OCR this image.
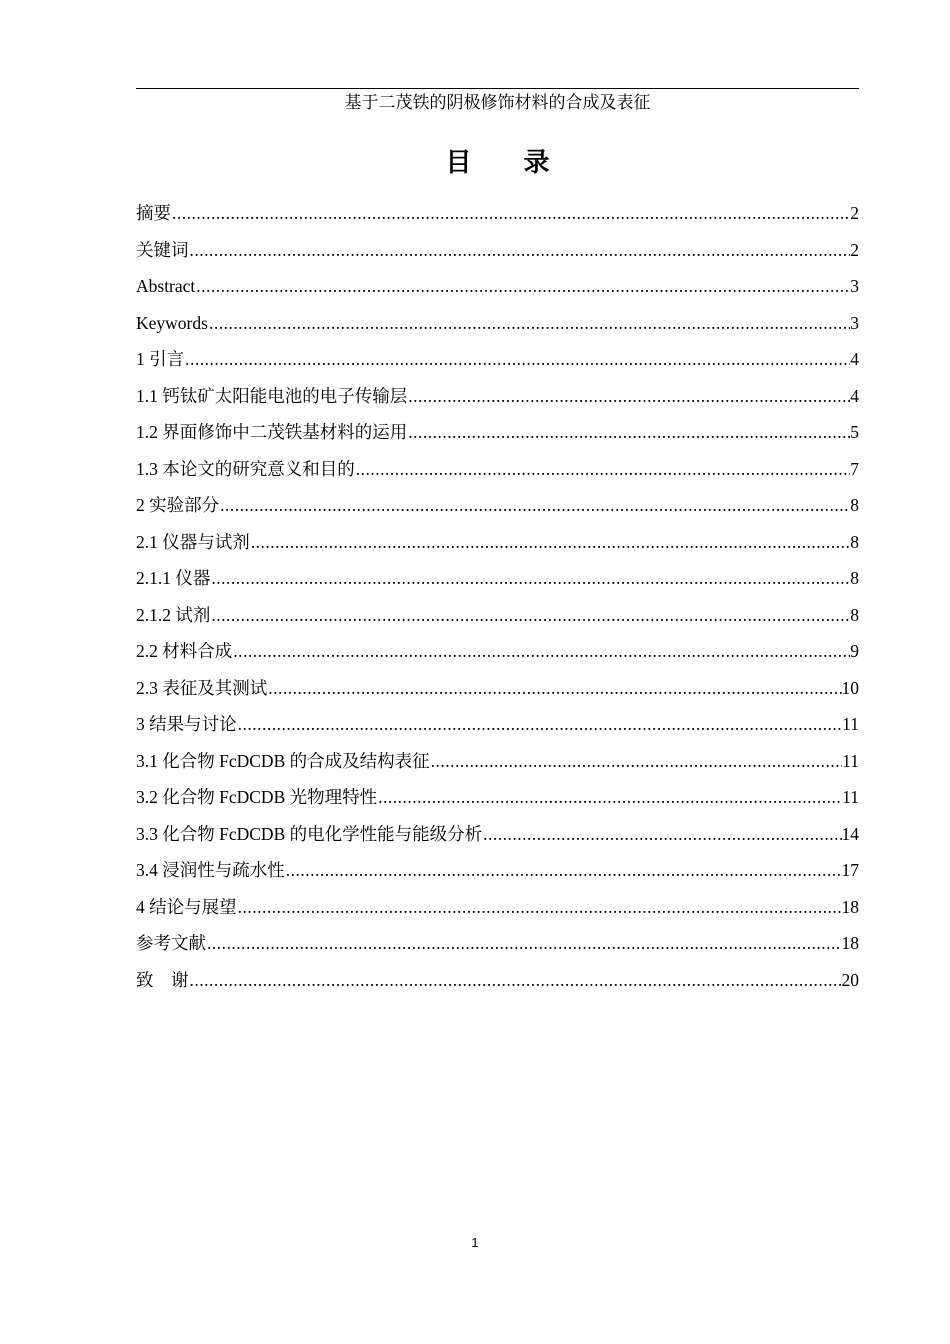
基于二茂铁的阴极修饰材料的合成及表征
目 录
摘要 .....	2
关键词 .....	2
Abstract .....	3
Keywords .....	3
1 引言 .....	4
1.1 钙钛矿太阳能电池的电子传输层 .....	4
1.2 界面修饰中二茂铁基材料的运用 .....	5
1.3 本论文的研究意义和目的 .....	7
2 实验部分 .....	8
2.1 仪器与试剂 .....	8
2.1.1 仪器 .....	8
2.1.2 试剂 .....	8
2.2 材料合成 .....	9
2.3 表征及其测试 .....	10
3 结果与讨论 .....	11
3.1 化合物 FcDCDB 的合成及结构表征 .....	11
3.2 化合物 FcDCDB 光物理特性 .....	11
3.3 化合物 FcDCDB 的电化学性能与能级分析 .....	14
3.4 浸润性与疏水性 .....	17
4 结论与展望 .....	18
参考文献 .....	18
致　谢 .....	20
1
